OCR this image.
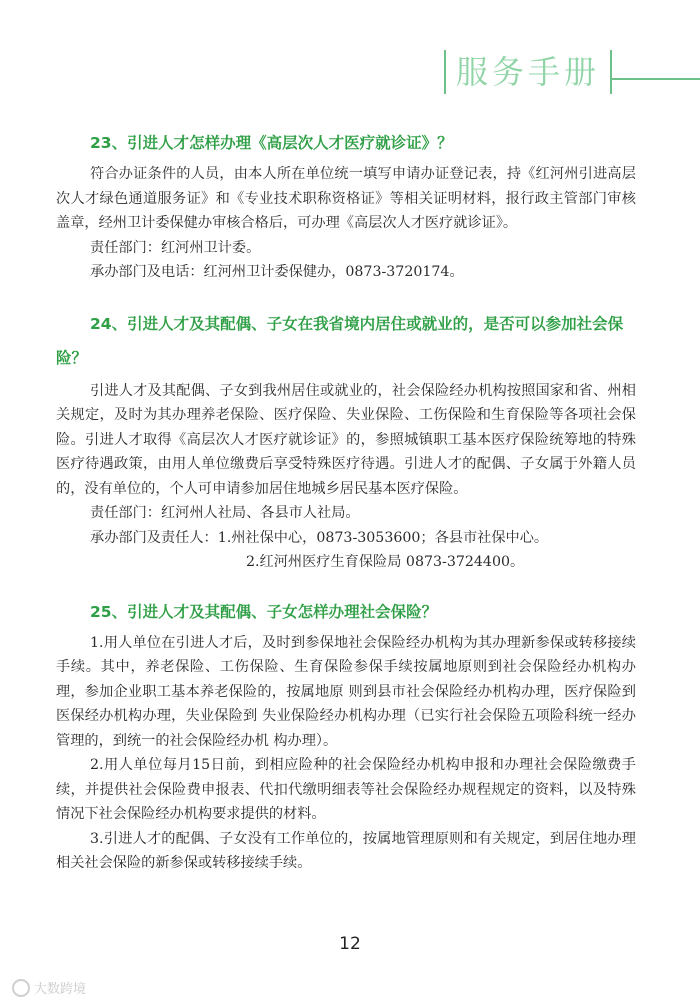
服务手册

23、引进人才怎样办理《高层次人才医疗就诊证》？

符合办证条件的人员，由本人所在单位统一填写申请办证登记表，持《红河州引进高层次人才绿色通道服务证》和《专业技术职称资格证》等相关证明材料，报行政主管部门审核盖章，经州卫计委保健办审核合格后，可办理《高层次人才医疗就诊证》。

责任部门：红河州卫计委。

承办部门及电话：红河州卫计委保健办，0873-3720174。

24、引进人才及其配偶、子女在我省境内居住或就业的，是否可以参加社会保险？

引进人才及其配偶、子女到我州居住或就业的，社会保险经办机构按照国家和省、州相关规定，及时为其办理养老保险、医疗保险、失业保险、工伤保险和生育保险等各项社会保险。引进人才取得《高层次人才医疗就诊证》的，参照城镇职工基本医疗保险统筹地的特殊医疗待遇政策，由用人单位缴费后享受特殊医疗待遇。引进人才的配偶、子女属于外籍人员的，没有单位的，个人可申请参加居住地城乡居民基本医疗保险。

责任部门：红河州人社局、各县市人社局。

承办部门及责任人：1.州社保中心，0873-3053600；各县市社保中心。

2.红河州医疗生育保险局 0873-3724400。

25、引进人才及其配偶、子女怎样办理社会保险？

1.用人单位在引进人才后，及时到参保地社会保险经办机构为其办理新参保或转移接续手续。其中，养老保险、工伤保险、生育保险参保手续按属地原则到社会保险经办机构办理，参加企业职工基本养老保险的，按属地原 则到县市社会保险经办机构办理，医疗保险到医保经办机构办理，失业保险到 失业保险经办机构办理（已实行社会保险五项险科统一经办管理的，到统一的社会保险经办机 构办理）。

2.用人单位每月15日前，到相应险种的社会保险经办机构申报和办理社会保险缴费手续，并提供社会保险费申报表、代扣代缴明细表等社会保险经办规程规定的资料，以及特殊情况下社会保险经办机构要求提供的材料。

3.引进人才的配偶、子女没有工作单位的，按属地管理原则和有关规定，到居住地办理相关社会保险的新参保或转移接续手续。

12
大数跨境
